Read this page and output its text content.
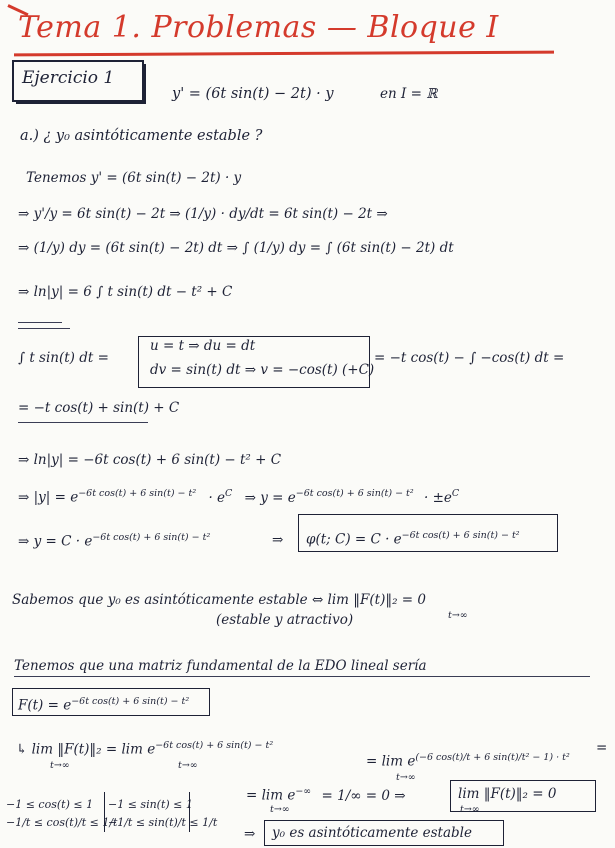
Tema 1. Problemas — Bloque I
Ejercicio 1
y' = (6t sin(t) − 2t) · y	en I = ℝ
a.) ¿ y₀ asintóticamente estable ?
Tenemos y' = (6t sin(t) − 2t) · y
⇒ y'/y = 6t sin(t) − 2t ⇒ (1/y) · dy/dt = 6t sin(t) − 2t ⇒
⇒ (1/y) dy = (6t sin(t) − 2t) dt ⇒ ∫ (1/y) dy = ∫ (6t sin(t) − 2t) dt
⇒ ln|y| = 6 ∫ t sin(t) dt − t² + C
∫ t sin(t) dt =
u = t ⇒ du = dt
dv = sin(t) dt ⇒ v = −cos(t) (+C)
= −t cos(t) − ∫ −cos(t) dt =
= −t cos(t) + sin(t) + C
⇒ ln|y| = −6t cos(t) + 6 sin(t) − t² + C
⇒ $|y| = e^{-6t cos(t) + 6 sin(t) - t^2} \cdot e^C$ ⇒ $y = e^{-6t cos(t) + 6 sin(t) - t^2} \cdot \pm e^C$
⇒ $y = C \cdot e^{-6t cos(t) + 6 sin(t) - t^2}$	⇒ φ(t; $C) = C \cdot e^{-6t cos(t) + 6 sin(t) - t^2}$
Sabemos que y₀ es asintóticamente estable ⇔ lim ‖F(t)‖₂ = 0
t→∞
(estable y atractivo)
Tenemos que una matriz fundamental de la EDO lineal sería
$F(t) = e^{-6t cos(t) + 6 sin(t) - t^2}$
↳ lim ‖F(t)‖₂ = $\lim e^{-6t cos(t) + 6 sin(t) - t^2}$
t→∞	t→∞	= $\lim e^{(-6 cos(t)/t + 6 sin(t)/t^2 - 1) \cdot t^2}$
t→∞
=
−1 ≤ cos(t) ≤ 1
−1/t ≤ cos(t)/t ≤ 1/t
−1 ≤ sin(t) ≤ 1
−1/t ≤ sin(t)/t ≤ 1/t
= lim e−∞ = 1/∞ = 0 ⇒
t→∞
lim ‖F(t)‖₂ = 0
t→∞
⇒ y₀ es asintóticamente estable
